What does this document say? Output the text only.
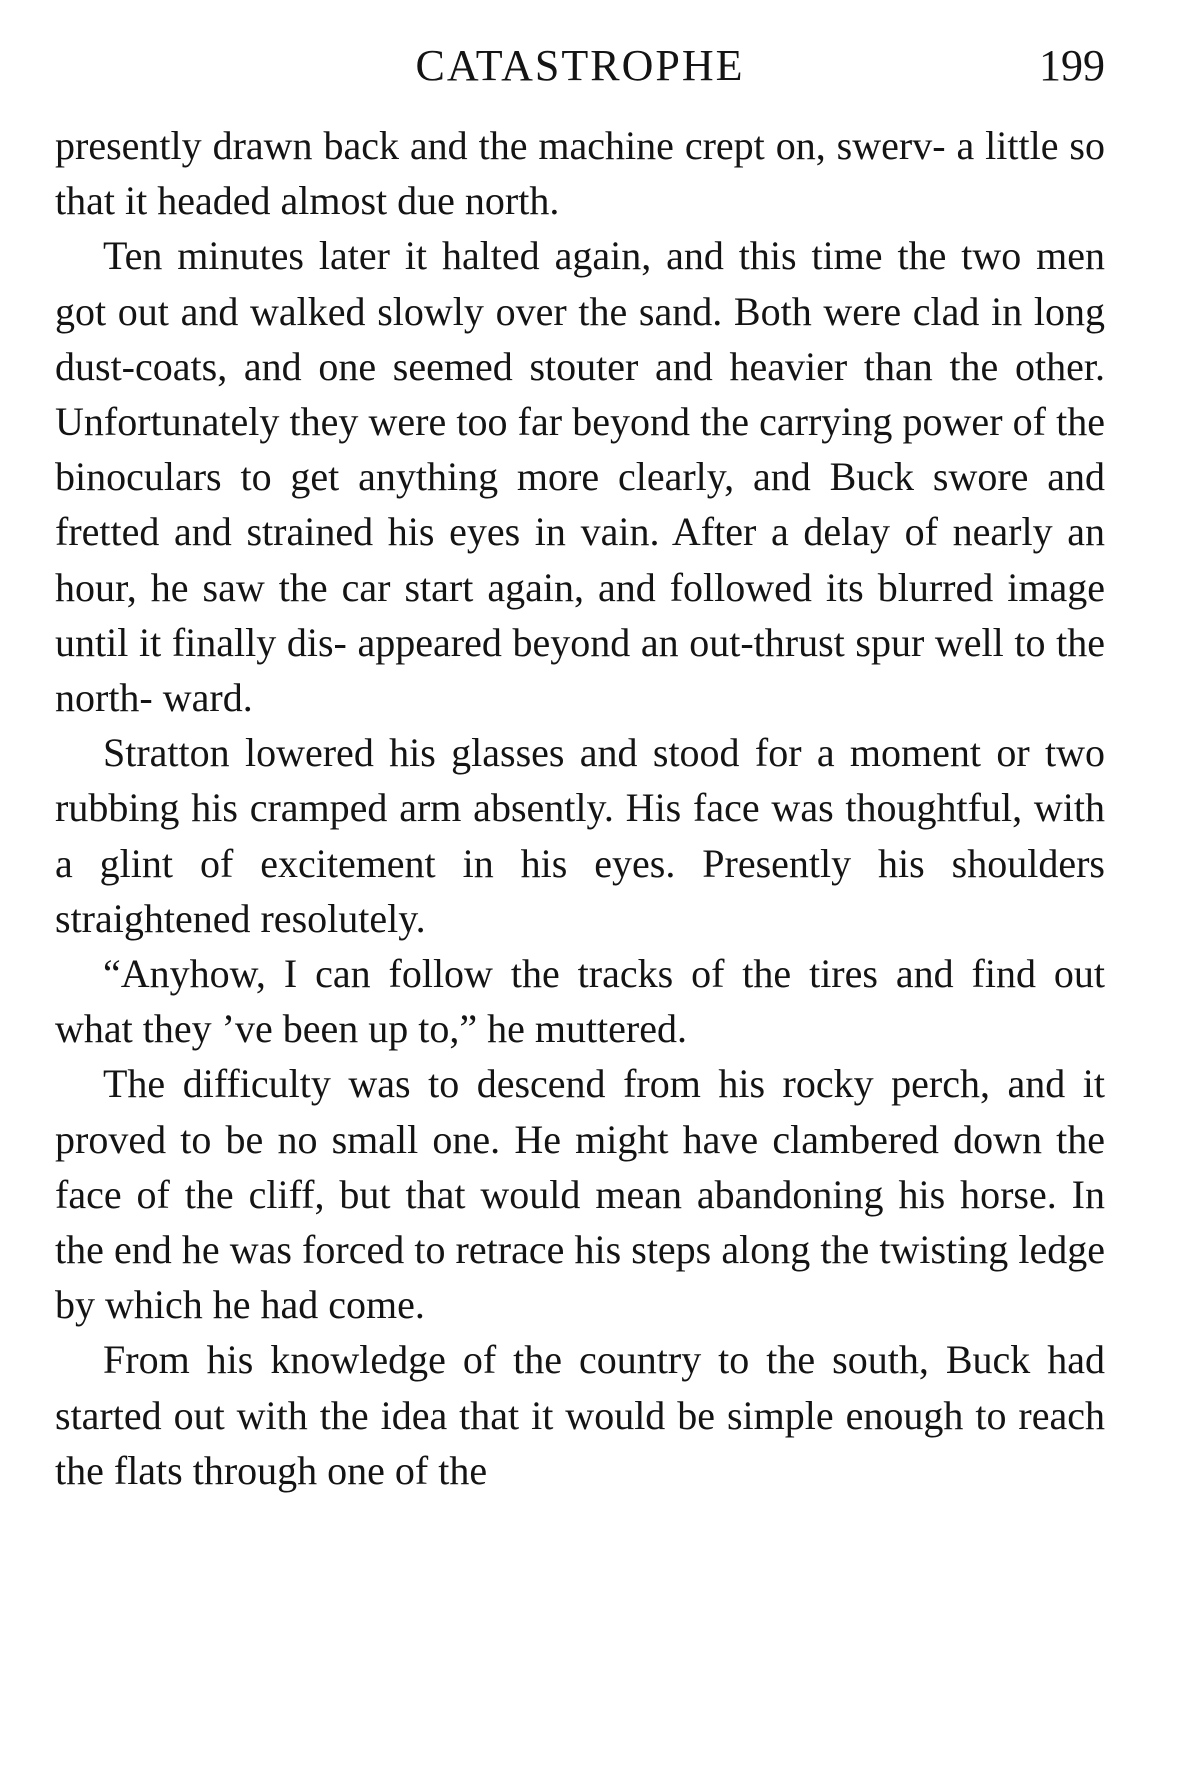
CATASTROPHE	199

presently drawn back and the machine crept on, swerv- a little so that it headed almost due north.

Ten minutes later it halted again, and this time the two men got out and walked slowly over the sand. Both were clad in long dust-coats, and one seemed stouter and heavier than the other. Unfortunately they were too far beyond the carrying power of the binoculars to get anything more clearly, and Buck swore and fretted and strained his eyes in vain. After a delay of nearly an hour, he saw the car start again, and followed its blurred image until it finally dis- appeared beyond an out-thrust spur well to the north- ward.

Stratton lowered his glasses and stood for a moment or two rubbing his cramped arm absently. His face was thoughtful, with a glint of excitement in his eyes. Presently his shoulders straightened resolutely.

“Anyhow, I can follow the tracks of the tires and find out what they ’ve been up to,” he muttered.

The difficulty was to descend from his rocky perch, and it proved to be no small one. He might have clambered down the face of the cliff, but that would mean abandoning his horse. In the end he was forced to retrace his steps along the twisting ledge by which he had come.

From his knowledge of the country to the south, Buck had started out with the idea that it would be simple enough to reach the flats through one of the
